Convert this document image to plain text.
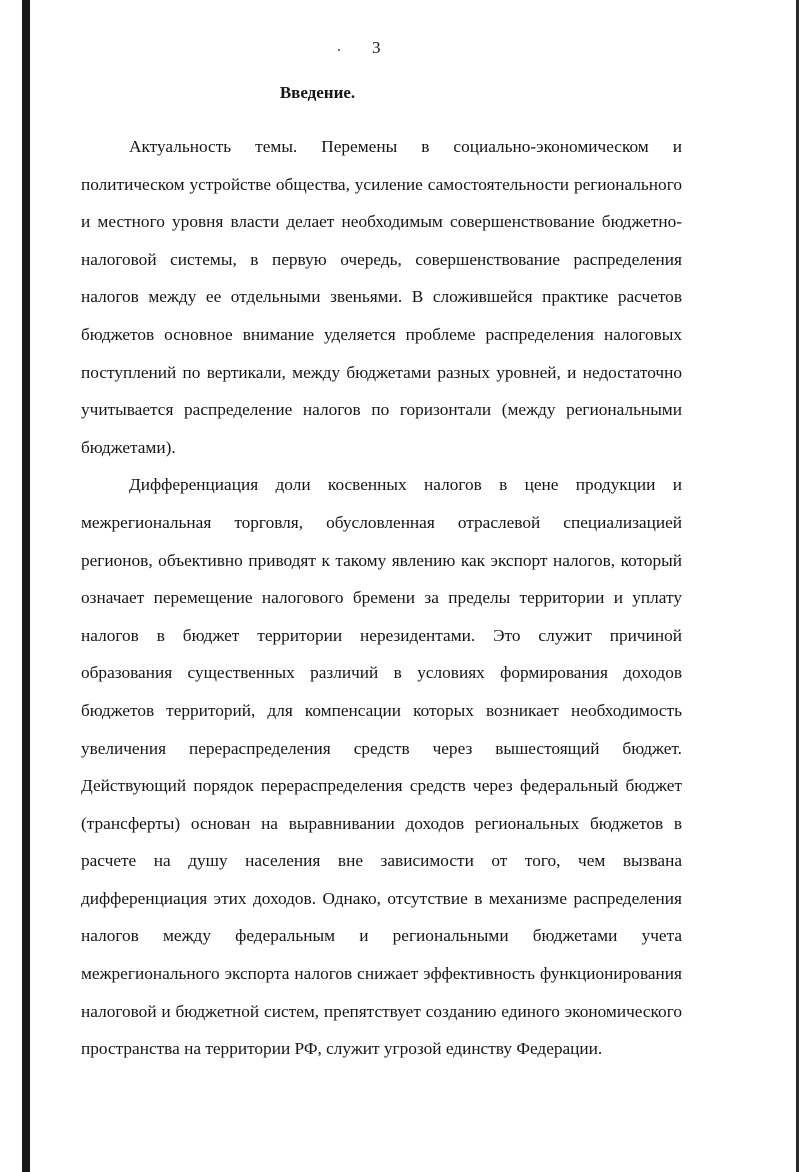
3
Введение.

Актуальность темы. Перемены в социально-экономическом и политическом устройстве общества, усиление самостоятельности регионального и местного уровня власти делает необходимым совершенствование бюджетно-налоговой системы, в первую очередь, совершенствование распределения налогов между ее отдельными звеньями. В сложившейся практике расчетов бюджетов основное внимание уделяется проблеме распределения налоговых поступлений по вертикали, между бюджетами разных уровней, и недостаточно учитывается распределение налогов по горизонтали (между региональными бюджетами).

Дифференциация доли косвенных налогов в цене продукции и межрегиональная торговля, обусловленная отраслевой специализацией регионов, объективно приводят к такому явлению как экспорт налогов, который означает перемещение налогового бремени за пределы территории и уплату налогов в бюджет территории нерезидентами. Это служит причиной образования существенных различий в условиях формирования доходов бюджетов территорий, для компенсации которых возникает необходимость увеличения перераспределения средств через вышестоящий бюджет. Действующий порядок перераспределения средств через федеральный бюджет (трансферты) основан на выравнивании доходов региональных бюджетов в расчете на душу населения вне зависимости от того, чем вызвана дифференциация этих доходов. Однако, отсутствие в механизме распределения налогов между федеральным и региональными бюджетами учета межрегионального экспорта налогов снижает эффективность функционирования налоговой и бюджетной систем, препятствует созданию единого экономического пространства на территории РФ, служит угрозой единству Федерации.
